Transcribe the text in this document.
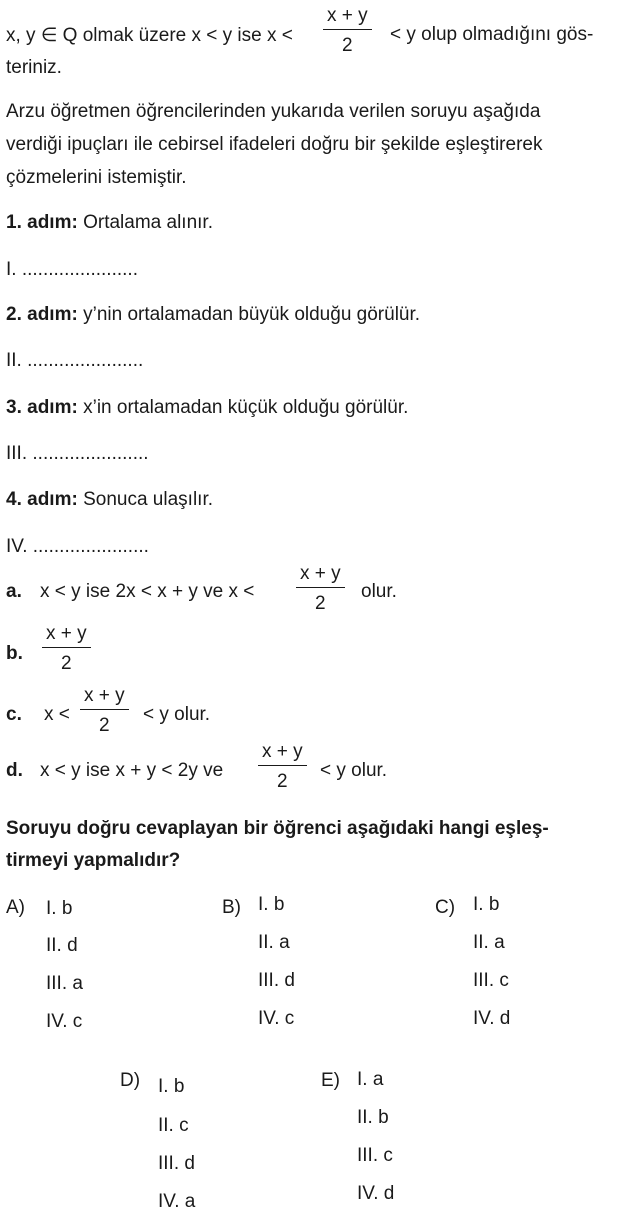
x, y ∈ Q olmak üzere x < y ise x <
x + y
2
< y olup olmadığını gös-
teriniz.
Arzu öğretmen öğrencilerinden yukarıda verilen soruyu aşağıda
verdiği ipuçları ile cebirsel ifadeleri doğru bir şekilde eşleştirerek
çözmelerini istemiştir.
1. adım: Ortalama alınır.
I. ......................
2. adım: y’nin ortalamadan büyük olduğu görülür.
II. ......................
3. adım: x’in ortalamadan küçük olduğu görülür.
III. ......................
4. adım: Sonuca ulaşılır.
IV. ......................
a. x < y ise 2x < x + y ve x <
x + y
2
olur.
b.
x + y
2
c. x <
x + y
2
< y olur.
d. x < y ise x + y < 2y ve
x + y
2
< y olur.
Soruyu doğru cevaplayan bir öğrenci aşağıdaki hangi eşleş-
tirmeyi yapmalıdır?
A) I. b
II. d
III. a
IV. c
B) I. b
II. a
III. d
IV. c
C) I. b
II. a
III. c
IV. d
D) I. b
II. c
III. d
IV. a
E) I. a
II. b
III. c
IV. d
